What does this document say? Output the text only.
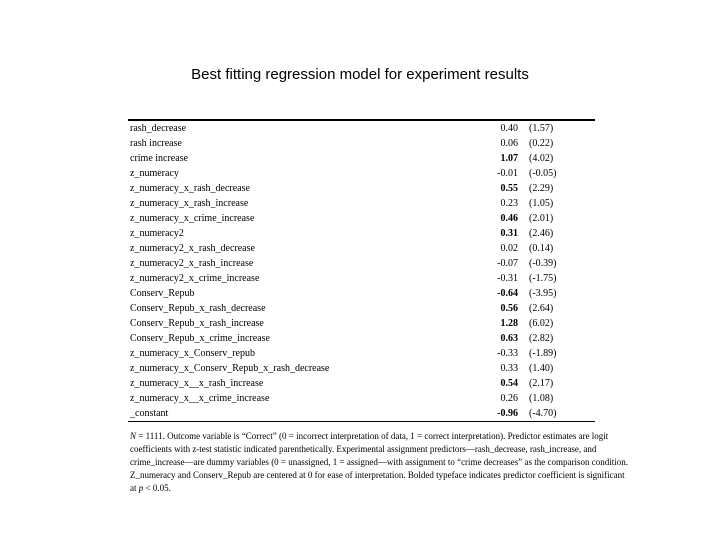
Best fitting regression model for experiment results
rash_decrease	0.40 (1.57)
rash increase	0.06 (0.22)
crime increase	1.07 (4.02)
z_numeracy	-0.01 (-0.05)
z_numeracy_x_rash_decrease	0.55 (2.29)
z_numeracy_x_rash_increase	0.23 (1.05)
z_numeracy_x_crime_increase	0.46 (2.01)
z_numeracy2	0.31 (2.46)
z_numeracy2_x_rash_decrease	0.02 (0.14)
z_numeracy2_x_rash_increase	-0.07 (-0.39)
z_numeracy2_x_crime_increase	-0.31 (-1.75)
Conserv_Repub	-0.64 (-3.95)
Conserv_Repub_x_rash_decrease	0.56 (2.64)
Conserv_Repub_x_rash_increase	1.28 (6.02)
Conserv_Repub_x_crime_increase	0.63 (2.82)
z_numeracy_x_Conserv_repub	-0.33 (-1.89)
z_numeracy_x_Conserv_Repub_x_rash_decrease	0.33 (1.40)
z_numeracy_x__x_rash_increase	0.54 (2.17)
z_numeracy_x__x_crime_increase	0.26 (1.08)
_constant	-0.96 (-4.70)
N = 1111. Outcome variable is “Correct” (0 = incorrect interpretation of data, 1 = correct interpretation). Predictor estimates are logit coefficients with z-test statistic indicated parenthetically. Experimental assignment predictors—rash_decrease, rash_increase, and crime_increase—are dummy variables (0 = unassigned, 1 = assigned—with assignment to “crime decreases” as the comparison condition. Z_numeracy and Conserv_Repub are centered at 0 for ease of interpretation. Bolded typeface indicates predictor coefficient is significant at p < 0.05.
